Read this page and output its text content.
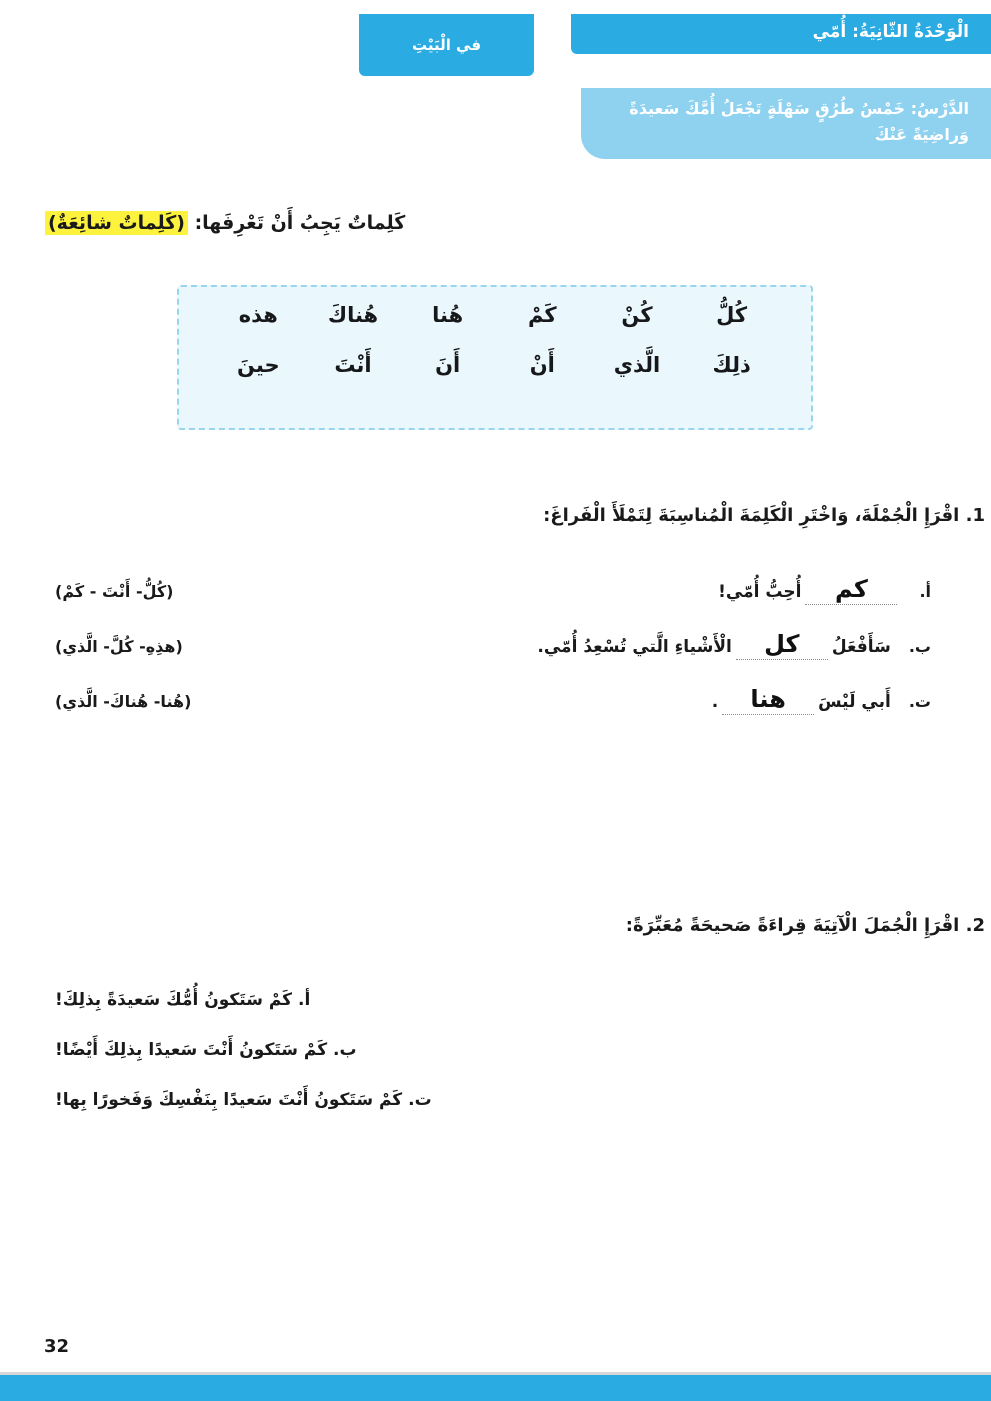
الْوَحْدَةُ الثّانِيَةُ: أُمّي
الدَّرْسُ: خَمْسُ طُرُقٍ سَهْلَةٍ تَجْعَلُ أُمَّكَ سَعيدَةً وَراضِيَةً عَنْكَ
في الْبَيْتِ
كَلِماتٌ يَجِبُ أَنْ تَعْرِفَها: (كَلِماتٌ شائِعَةٌ)
كُلُّ
كُنْ
كَمْ
هُنا
هُناكَ
هذه
ذلِكَ
الَّذي
أَنْ
أَنَ
أَنْتَ
حينَ
1. اقْرَإِ الْجُمْلَةَ، وَاخْتَرِ الْكَلِمَةَ الْمُناسِبَةَ لِتَمْلَأَ الْفَراغَ:
أ.
كم
أُحِبُّ أُمّي!
(كُلُّ- أَنْتَ - كَمْ)
ب.
سَأَفْعَلُ
كل
الْأَشْياءِ الَّتي تُسْعِدُ أُمّي.
(هذِهِ- كُلَّ- الَّذي)
ت.
أَبي لَيْسَ
هنا
.
(هُنا- هُناكَ- الَّذي)
2. اقْرَإِ الْجُمَلَ الْآتِيَةَ قِراءَةً صَحيحَةً مُعَبِّرَةً:
أ. كَمْ سَتَكونُ أُمُّكَ سَعيدَةً بِذلِكَ!
ب. كَمْ سَتَكونُ أَنْتَ سَعيدًا بِذلِكَ أَيْضًا!
ت. كَمْ سَتَكونُ أَنْتَ سَعيدًا بِنَفْسِكَ وَفَخورًا بِها!
32
